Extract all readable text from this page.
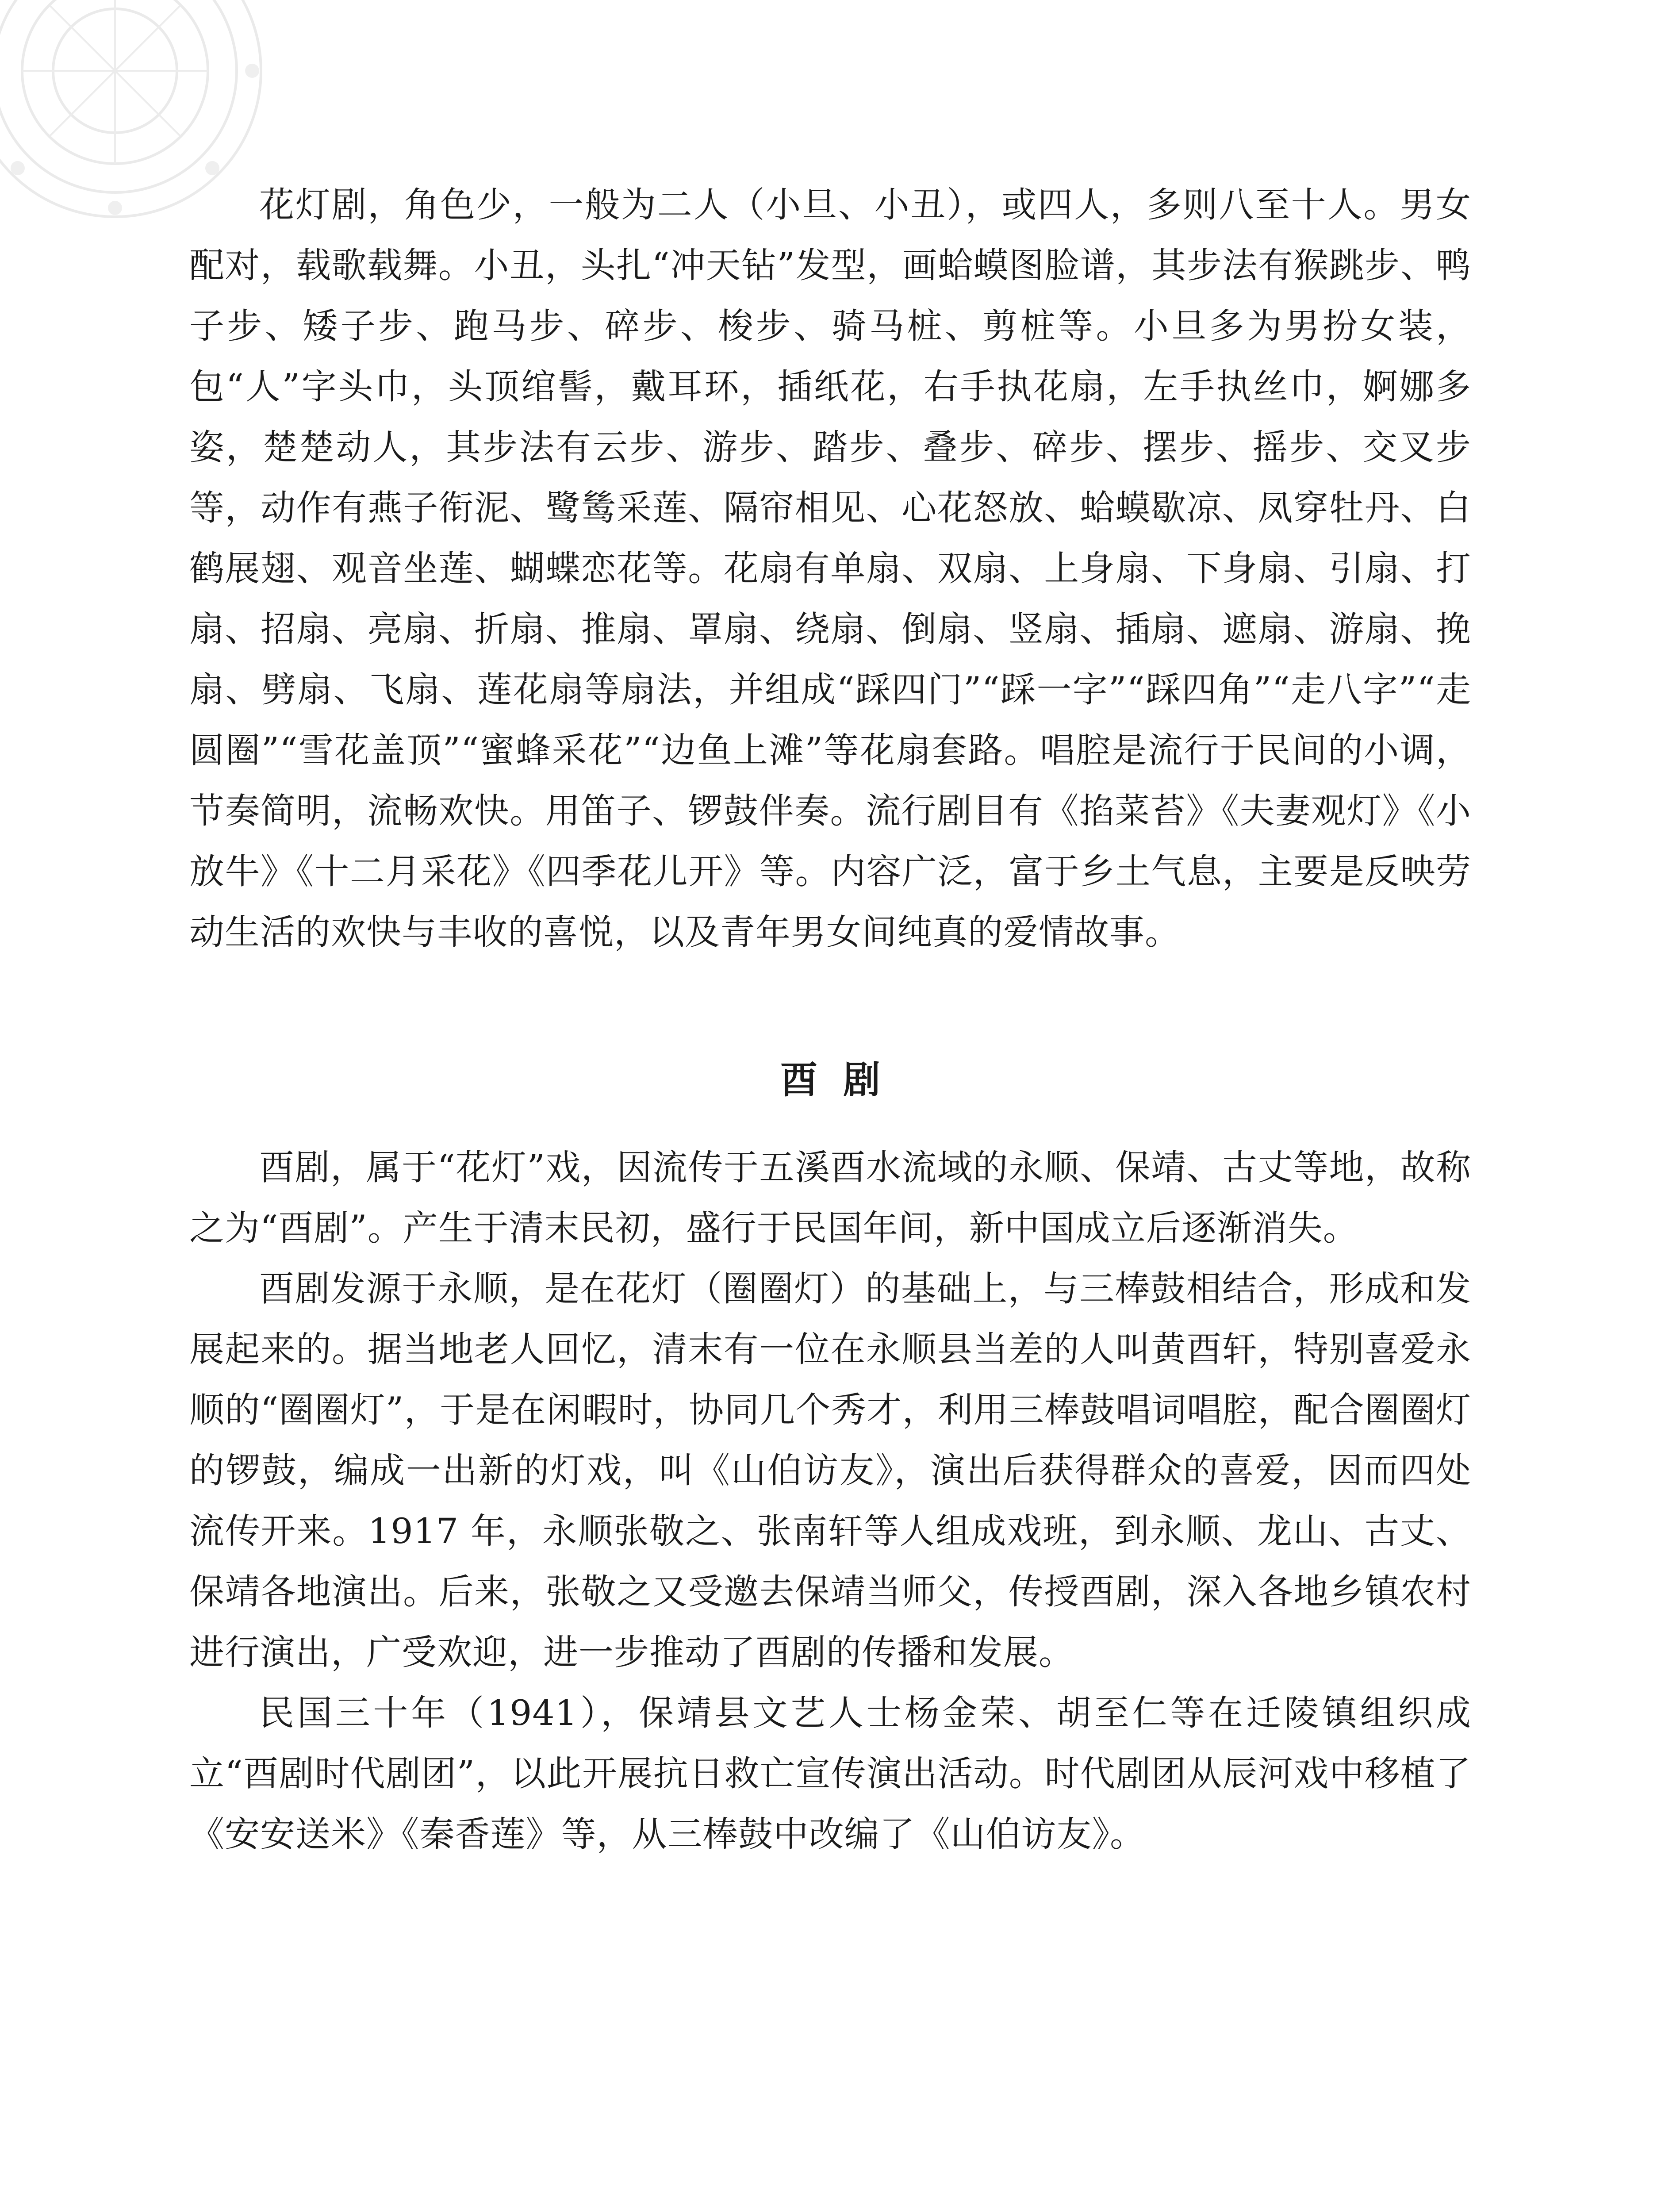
花灯剧，角色少，一般为二人（小旦、小丑），或四人，多则八至十人。男女配对，载歌载舞。小丑，头扎“冲天钻”发型，画蛤蟆图脸谱，其步法有猴跳步、鸭子步、矮子步、跑马步、碎步、梭步、骑马桩、剪桩等。小旦多为男扮女装，包“人”字头巾，头顶绾髻，戴耳环，插纸花，右手执花扇，左手执丝巾，婀娜多姿，楚楚动人，其步法有云步、游步、踏步、叠步、碎步、摆步、摇步、交叉步等，动作有燕子衔泥、鹭鸶采莲、隔帘相见、心花怒放、蛤蟆歇凉、凤穿牡丹、白鹤展翅、观音坐莲、蝴蝶恋花等。花扇有单扇、双扇、上身扇、下身扇、引扇、打扇、招扇、亮扇、折扇、推扇、罩扇、绕扇、倒扇、竖扇、插扇、遮扇、游扇、挽扇、劈扇、飞扇、莲花扇等扇法，并组成“踩四门”“踩一字”“踩四角”“走八字”“走圆圈”“雪花盖顶”“蜜蜂采花”“边鱼上滩”等花扇套路。唱腔是流行于民间的小调，节奏简明，流畅欢快。用笛子、锣鼓伴奏。流行剧目有《掐菜苔》《夫妻观灯》《小放牛》《十二月采花》《四季花儿开》等。内容广泛，富于乡土气息，主要是反映劳动生活的欢快与丰收的喜悦，以及青年男女间纯真的爱情故事。

酉剧

酉剧，属于“花灯”戏，因流传于五溪酉水流域的永顺、保靖、古丈等地，故称之为“酉剧”。产生于清末民初，盛行于民国年间，新中国成立后逐渐消失。

酉剧发源于永顺，是在花灯（圈圈灯）的基础上，与三棒鼓相结合，形成和发展起来的。据当地老人回忆，清末有一位在永顺县当差的人叫黄酉轩，特别喜爱永顺的“圈圈灯”，于是在闲暇时，协同几个秀才，利用三棒鼓唱词唱腔，配合圈圈灯的锣鼓，编成一出新的灯戏，叫《山伯访友》，演出后获得群众的喜爱，因而四处流传开来。1917 年，永顺张敬之、张南轩等人组成戏班，到永顺、龙山、古丈、保靖各地演出。后来，张敬之又受邀去保靖当师父，传授酉剧，深入各地乡镇农村进行演出，广受欢迎，进一步推动了酉剧的传播和发展。

民国三十年（1941），保靖县文艺人士杨金荣、胡至仁等在迁陵镇组织成立“酉剧时代剧团”，以此开展抗日救亡宣传演出活动。时代剧团从辰河戏中移植了《安安送米》《秦香莲》等，从三棒鼓中改编了《山伯访友》。
